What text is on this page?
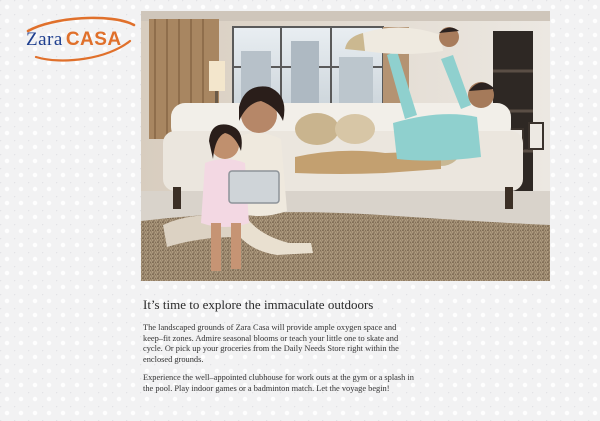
Zara CASA
It’s time to explore the immaculate outdoors

The landscaped grounds of Zara Casa will provide ample oxygen space and keep–fit zones. Admire seasonal blooms or teach your little one to skate and cycle. Or pick up your groceries from the Daily Needs Store right within the enclosed grounds.

Experience the well–appointed clubhouse for work outs at the gym or a splash in the pool. Play indoor games or a badminton match. Let the voyage begin!
